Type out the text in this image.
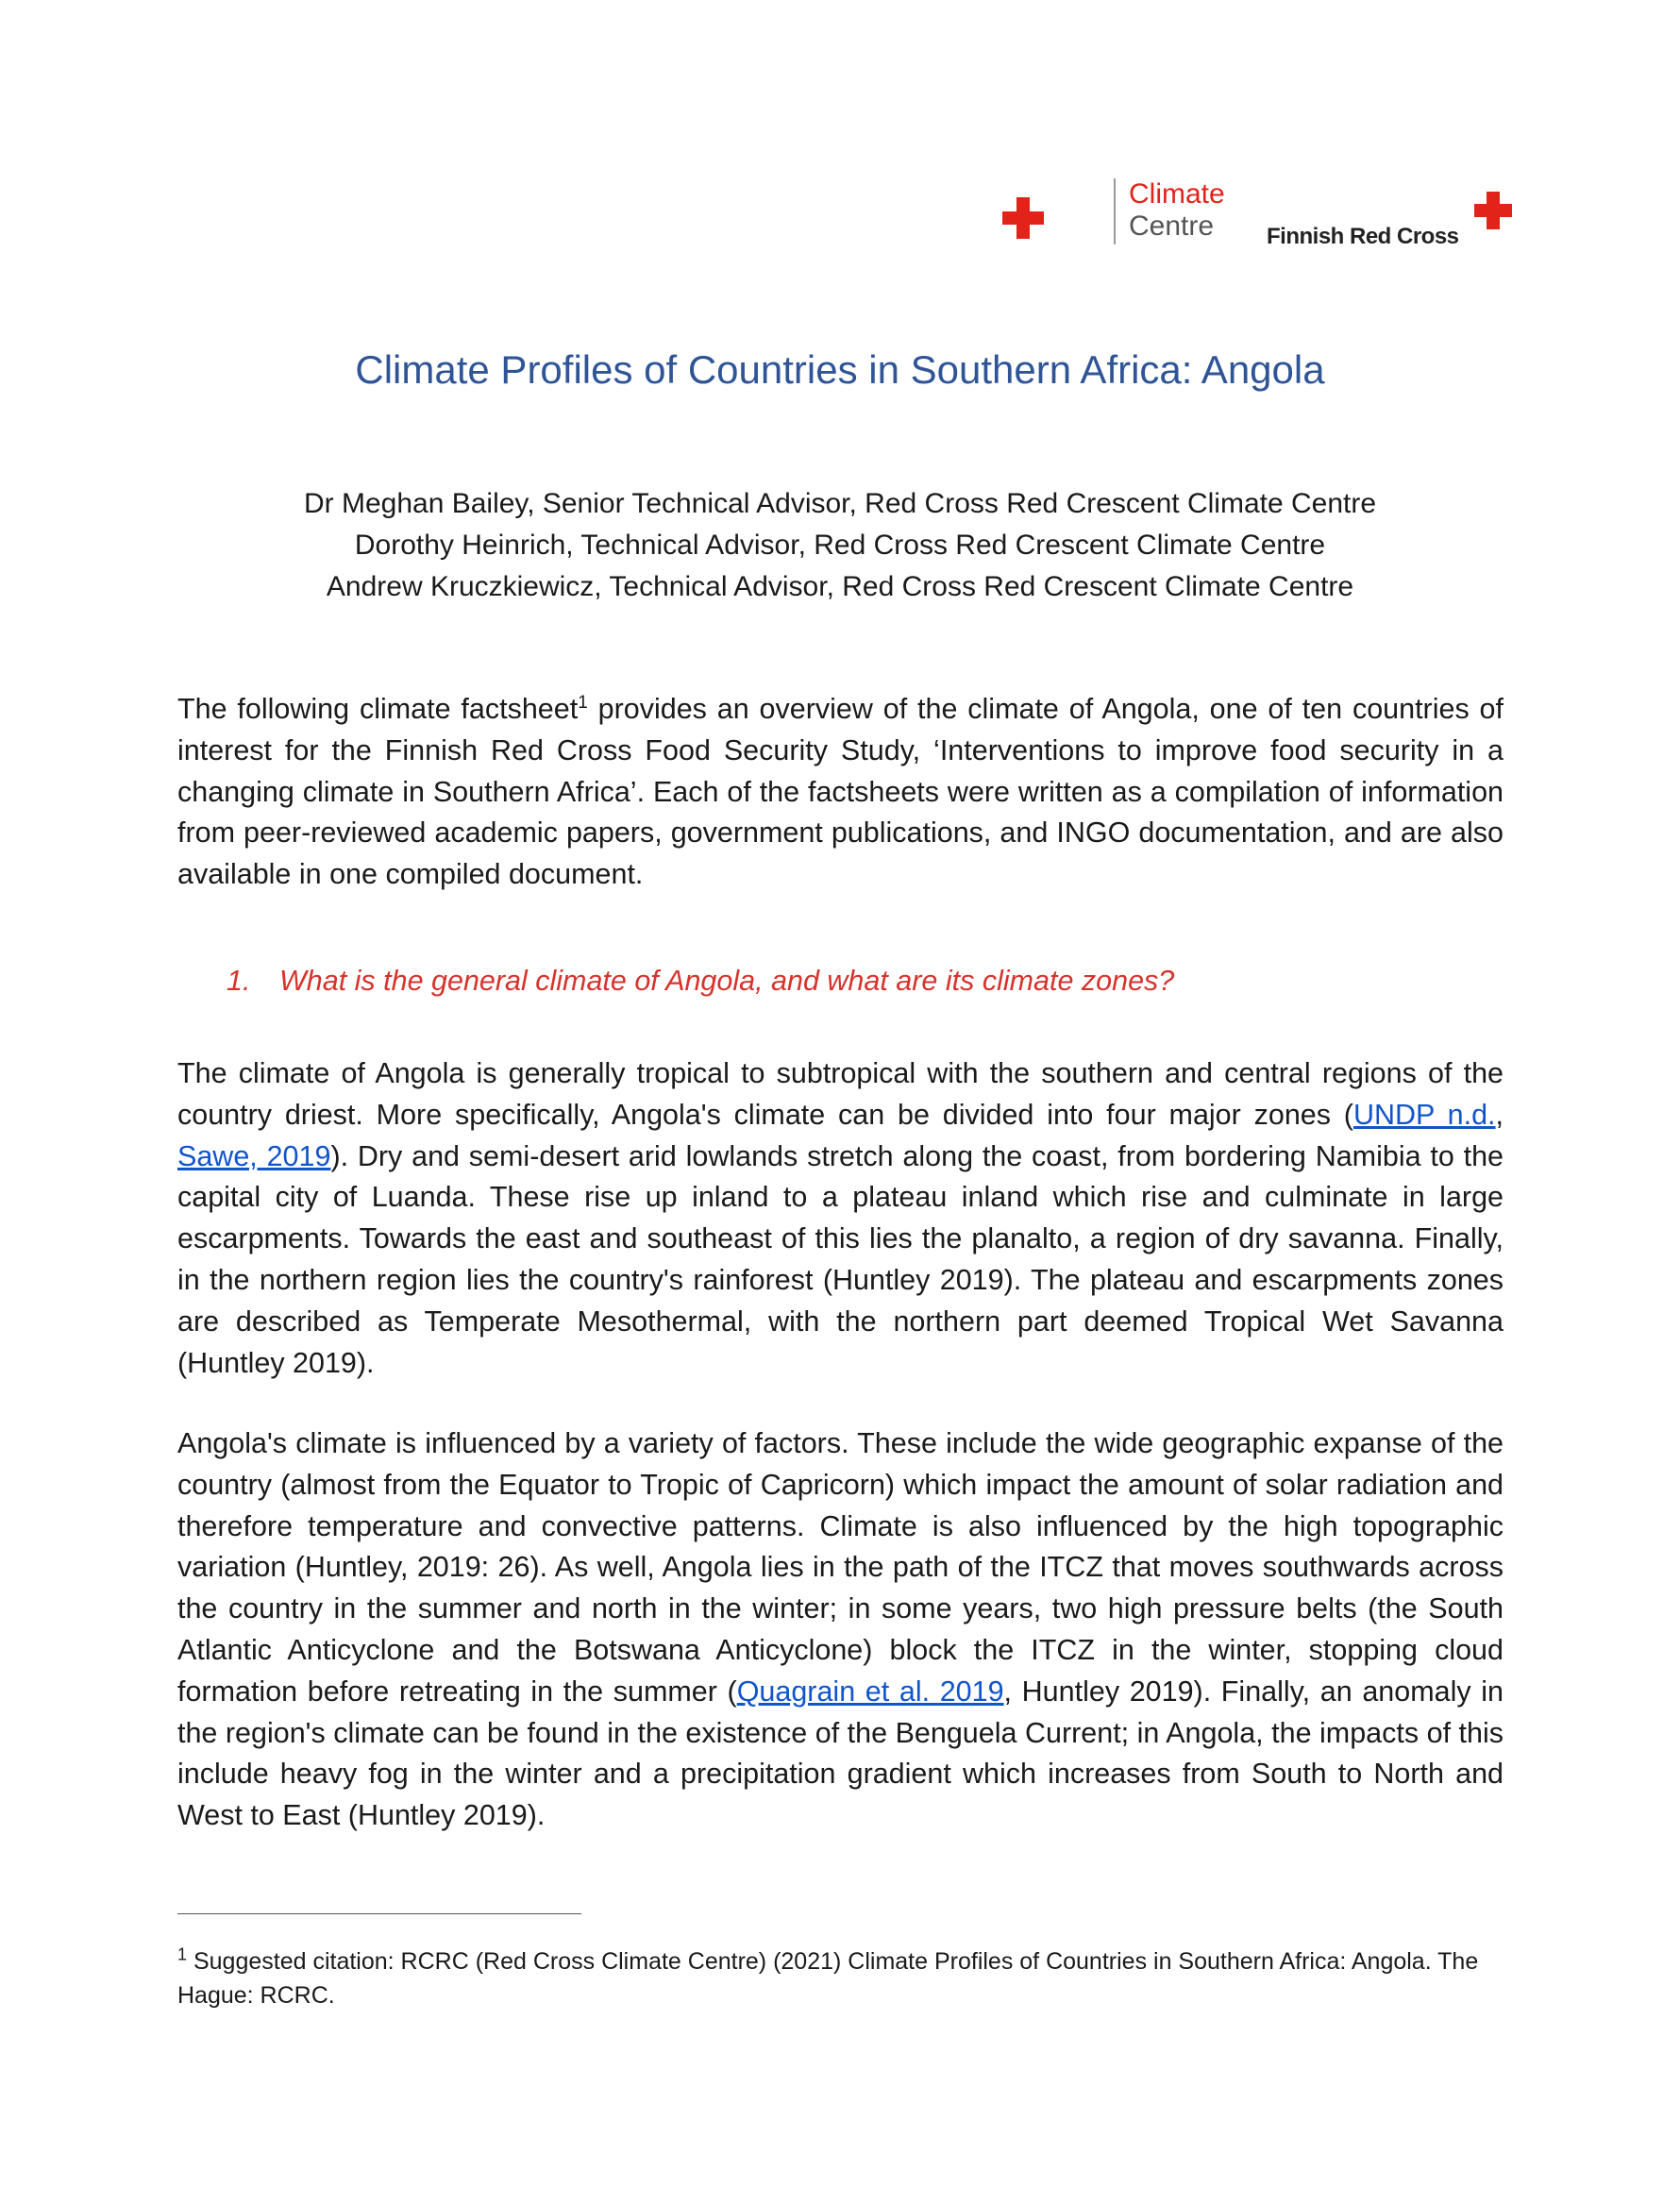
Climate
Centre	Finnish Red Cross
Climate Profiles of Countries in Southern Africa: Angola
Dr Meghan Bailey, Senior Technical Advisor, Red Cross Red Crescent Climate Centre
Dorothy Heinrich, Technical Advisor, Red Cross Red Crescent Climate Centre
Andrew Kruczkiewicz, Technical Advisor, Red Cross Red Crescent Climate Centre
The following climate factsheet$^1$ provides an overview of the climate of Angola, one of ten countries of interest for the Finnish Red Cross Food Security Study, ‘Interventions to improve food security in a changing climate in Southern Africa’. Each of the factsheets were written as a compilation of information from peer-reviewed academic papers, government publications, and INGO documentation, and are also available in one compiled document.
1. What is the general climate of Angola, and what are its climate zones?
The climate of Angola is generally tropical to subtropical with the southern and central regions of the country driest. More specifically, Angola's climate can be divided into four major zones (UNDP n.d., Sawe, 2019). Dry and semi-desert arid lowlands stretch along the coast, from bordering Namibia to the capital city of Luanda. These rise up inland to a plateau inland which rise and culminate in large escarpments. Towards the east and southeast of this lies the planalto, a region of dry savanna. Finally, in the northern region lies the country's rainforest (Huntley 2019). The plateau and escarpments zones are described as Temperate Mesothermal, with the northern part deemed Tropical Wet Savanna (Huntley 2019).
Angola's climate is influenced by a variety of factors. These include the wide geographic expanse of the country (almost from the Equator to Tropic of Capricorn) which impact the amount of solar radiation and therefore temperature and convective patterns. Climate is also influenced by the high topographic variation (Huntley, 2019: 26). As well, Angola lies in the path of the ITCZ that moves southwards across the country in the summer and north in the winter; in some years, two high pressure belts (the South Atlantic Anticyclone and the Botswana Anticyclone) block the ITCZ in the winter, stopping cloud formation before retreating in the summer (Quagrain et al. 2019, Huntley 2019). Finally, an anomaly in the region's climate can be found in the existence of the Benguela Current; in Angola, the impacts of this include heavy fog in the winter and a precipitation gradient which increases from South to North and West to East (Huntley 2019).
$^1$ Suggested citation: RCRC (Red Cross Climate Centre) (2021) Climate Profiles of Countries in Southern Africa: Angola. The Hague: RCRC.
